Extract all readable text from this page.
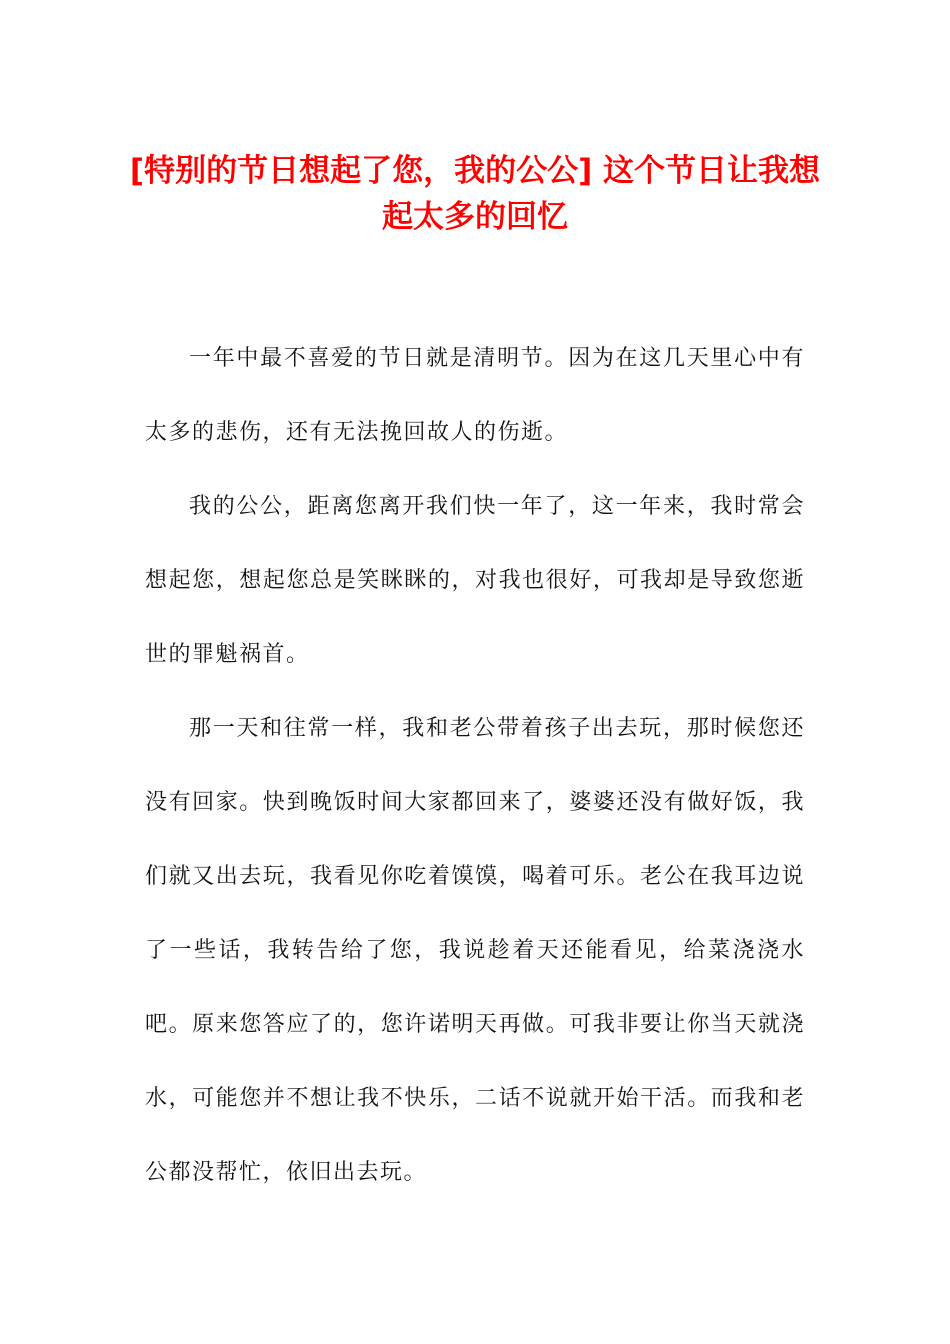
[特别的节日想起了您，我的公公] 这个节日让我想起太多的回忆

一年中最不喜爱的节日就是清明节。因为在这几天里心中有太多的悲伤，还有无法挽回故人的伤逝。

我的公公，距离您离开我们快一年了，这一年来，我时常会想起您，想起您总是笑眯眯的，对我也很好，可我却是导致您逝世的罪魁祸首。

那一天和往常一样，我和老公带着孩子出去玩，那时候您还没有回家。快到晚饭时间大家都回来了，婆婆还没有做好饭，我们就又出去玩，我看见你吃着馍馍，喝着可乐。老公在我耳边说了一些话，我转告给了您，我说趁着天还能看见，给菜浇浇水吧。原来您答应了的，您许诺明天再做。可我非要让你当天就浇水，可能您并不想让我不快乐，二话不说就开始干活。而我和老公都没帮忙，依旧出去玩。
